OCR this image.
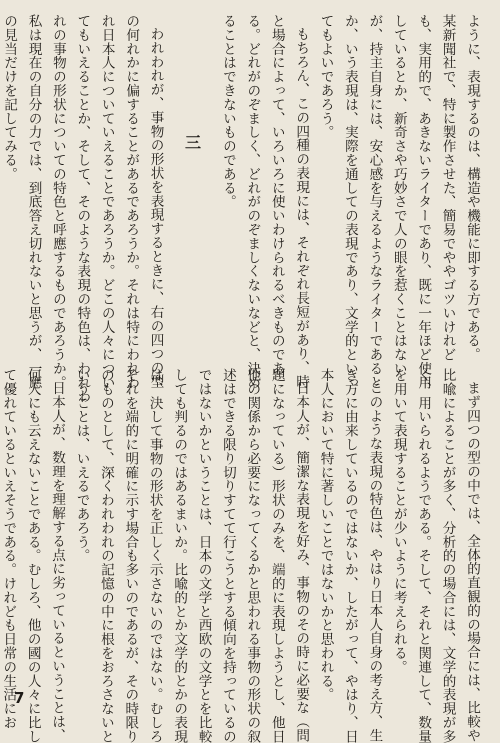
ように、表現するのは、構造や機能に即する方である。
某新聞社で、特に製作させた、簡易でややゴツいけれど
も、実用的で、あきないライターであり、既に一年ほど使用
しているとか、新奇さや巧妙さで人の眼を惹くことはない
が、持主自身には、安心感を与えるようなライターであると
か、いう表現は、実際を通しての表現であり、文学的といっ
てもよいであろう。
もちろん、この四種の表現には、それぞれ長短があり、時
と場合によって、いろいろに使いわけられるべきものであ
る。どれがのぞましく、どれがのぞましくないなどと、決め
ることはできないものである。
三
われわれが、事物の形状を表現するときに、右の四つの型
の何れかに偏することがあるであろうか。それは特にわれわ
れ日本人についていえることであろうか。どこの人々につい
てもいえることか、そして、そのような表現の特色は、われわ
れの事物の形状についての特色と呼應するものであろうか。
私は現在の自分の力では、到底答え切れないと思うが、一應
の見当だけを記してみる。
まず四つの型の中では、全体的直観的の場合には、比較や
比喩によることが多く、分析的の場合には、文学的表現が多
く、用いられるようである。そして、それと関連して、数量
を用いて表現することが少いように考えられる。
このような表現の特色は、やはり日本人自身の考え方、生
き方に由来しているのではないか、したがって、やはり、日
本人において特に著しいことではないかと思われる。
日本人が、簡潔な表現を好み、事物のその時に必要な（問
題になっている）形状のみを、端的に表現しようとし、他日
他の関係から必要になってくるかと思われる事物の形状の叙
述はできる限り切りすてて行こうとする傾向を持っているの
ではないかということは、日本の文学と西欧の文学とを比較
しても判るのではあるまいか。比喩的とか文学的とかの表現
は、決して事物の形状を正しく示さないのではない。むしろ
それを端的に明確に示す場合も多いのであるが、その時限り
のものとして、深くわれわれの記憶の中に根をおろさないと
いうことは、いえるであろう。
日本人が、数理を理解する点に劣っているということは、
何人にも云えないことである。むしろ、他の國の人々に比し
て優れているといえそうである。けれども日常の生活にお
7
